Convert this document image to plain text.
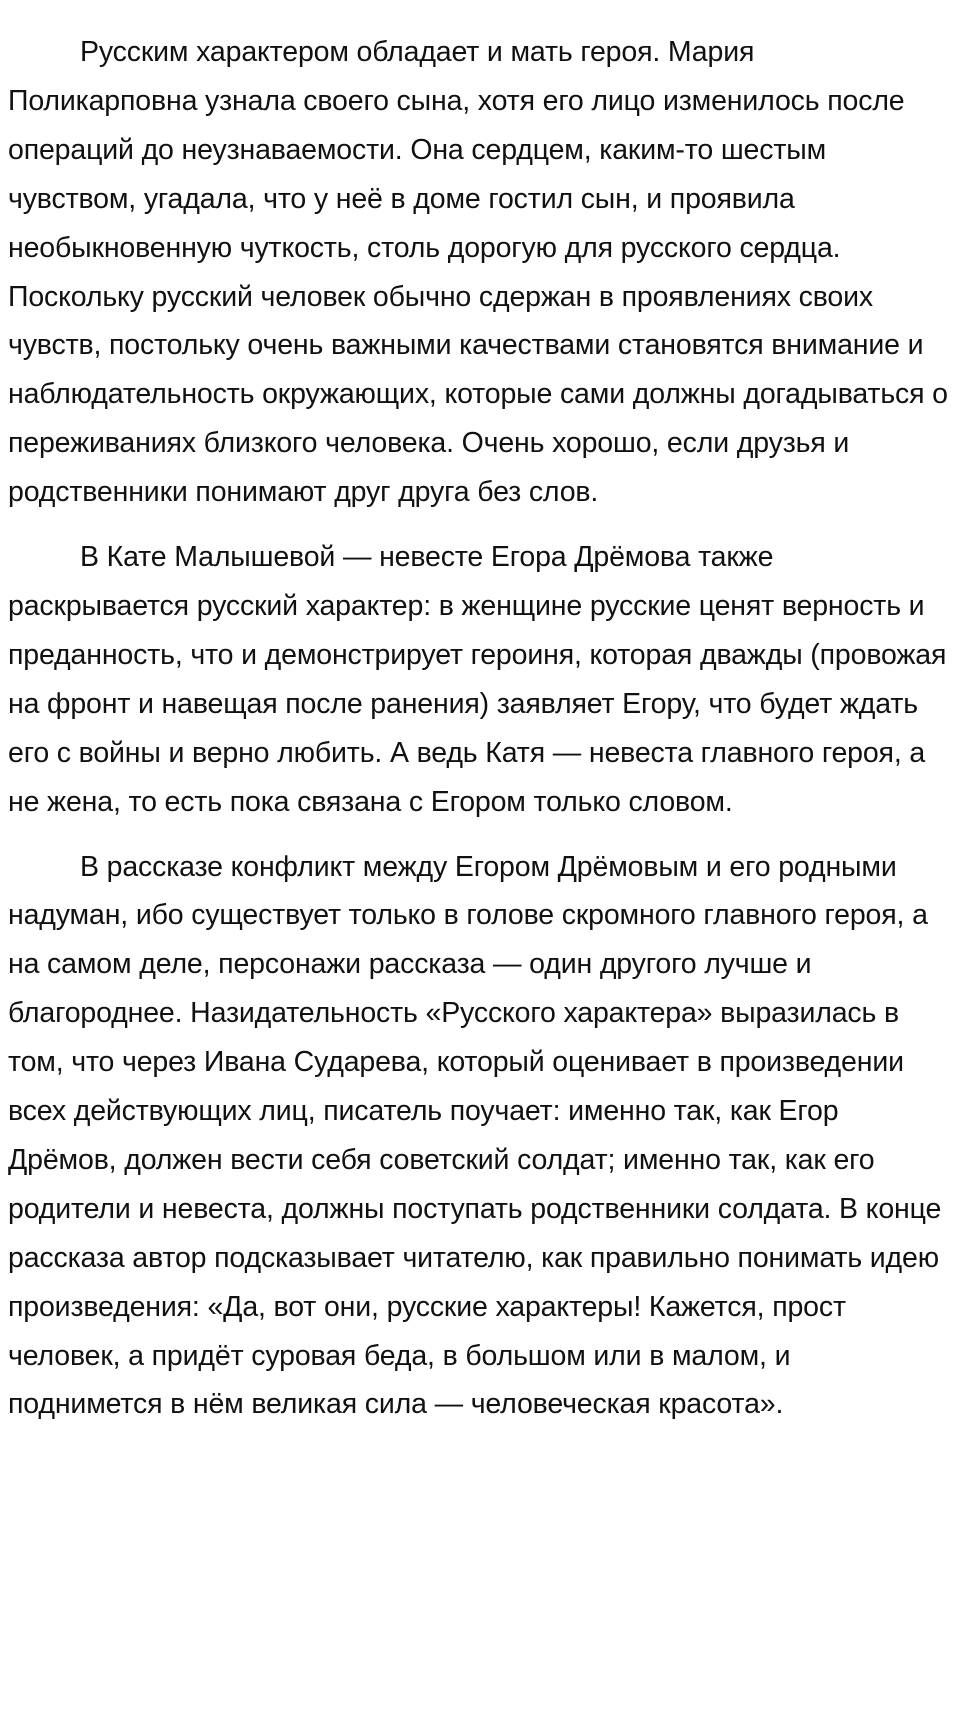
Русским характером обладает и мать героя. Мария Поликарповна узнала своего сына, хотя его лицо изменилось после операций до неузнаваемости. Она сердцем, каким-то шестым чувством, угадала, что у неё в доме гостил сын, и проявила необыкновенную чуткость, столь дорогую для русского сердца. Поскольку русский человек обычно сдержан в проявлениях своих чувств, постольку очень важными качествами становятся внимание и наблюдательность окружающих, которые сами должны догадываться о переживаниях близкого человека. Очень хорошо, если друзья и родственники понимают друг друга без слов.

В Кате Малышевой — невесте Егора Дрёмова также раскрывается русский характер: в женщине русские ценят верность и преданность, что и демонстрирует героиня, которая дважды (провожая на фронт и навещая после ранения) заявляет Егору, что будет ждать его с войны и верно любить. А ведь Катя — невеста главного героя, а не жена, то есть пока связана с Егором только словом.

В рассказе конфликт между Егором Дрёмовым и его родными надуман, ибо существует только в голове скромного главного героя, а на самом деле, персонажи рассказа — один другого лучше и благороднее. Назидательность «Русского характера» выразилась в том, что через Ивана Сударева, который оценивает в произведении всех действующих лиц, писатель поучает: именно так, как Егор Дрёмов, должен вести себя советский солдат; именно так, как его родители и невеста, должны поступать родственники солдата. В конце рассказа автор подсказывает читателю, как правильно понимать идею произведения: «Да, вот они, русские характеры! Кажется, прост человек, а придёт суровая беда, в большом или в малом, и поднимется в нём великая сила — человеческая красота».
